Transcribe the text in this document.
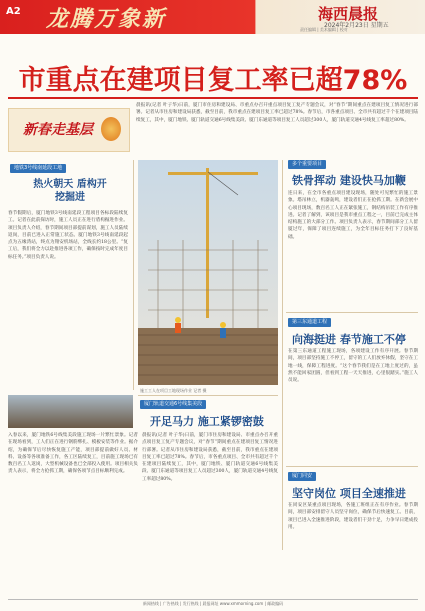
A2 龙腾万象新	海西晨报
2024年2月23日 星期五
责任编辑 | 美术编辑 | 校对
市重点在建项目复工率已超78%
新春走基层
晨报讯(记者 叶子华)日前，厦门市住房和建设局、市重点办召开重点项目复工复产专题会议，对“春节”期间重点在建项目复工情况进行部署。记者从市住房和建设局获悉，截至目前，我市重点在建项目复工率已超过78%。春节后，市各重点项目、全市共有超过千个在建项目陆续复工，其中，厦门地铁、厦门轨道交通6号线集美段、厦门东通道等项目复工人员超过300人，厦门轨道交通4号线复工率超过80%。
地铁3号线南延段工地
热火朝天 盾构开挖掘进
春节假期后，厦门地铁3号线南延段工程项目各标段陆续复工。记者在此前探访时，施工人员正在进行盾构掘进作业。项目负责人介绍，春节期间项目部提前谋划，施工人员陆续返岗，目前已进入正常施工状态。厦门地铁3号线南延段起点为五缘湾站，终点为翔安机场站，全线长约18公里。“复工后，我们将全力以赴推进各项工作，确保按时完成年度目标任务。”项目负责人说。
施工工人在项目工地现场作业 记者 摄
多个重要项目
铁骨挥动 建设快马加鞭
连日来，在全市各重点项目建设现场，随处可见繁忙的施工景象。塔吊林立，机器轰鸣，建设者们正在抢抓工期。在新会展中心项目现场，数百名工人正在紧张施工，钢结构吊装工作有序推进。记者了解到，该项目是我市重点工程之一，目前已完成主体结构施工的大部分工作。项目负责人表示，春节期间部分工人留厦过年，保障了项目连续施工，为全年目标任务打下了良好基础。
第三东通道工程
向海挺进 春节施工不停
在第三东通道工程施工现场，各项建设工作有序开展。春节期间，项目部坚持施工不停工，留守的工人们放弃休假，坚守在工地一线，保障工程进度。“这个春节我们是在工地上度过的，虽然不能回家团圆，但看到工程一天天推进，心里很踏实。”施工人员说。
厦门轨道交通6号线集美段
开足马力 施工紧锣密鼓
入春以来，厦门地铁6号线集美段施工现场一片繁忙景象。记者在现场看到，工人们正在进行钢筋绑扎、模板安装等作业。据介绍，为确保节后尽快恢复施工产能，项目部提前做好人员、材料、设备等各项准备工作，各工区陆续复工，目前施工现场已有数百名工人返岗，大型机械设备也已全部投入使用。项目相关负责人表示，将全力抢抓工期，确保各项节点目标顺利完成。
晨报讯(记者 叶子华)日前，厦门市住房和建设局、市重点办召开重点项目复工复产专题会议，对“春节”期间重点在建项目复工情况进行部署。记者从市住房和建设局获悉，截至目前，我市重点在建项目复工率已超过78%。春节后，市各重点项目、全市共有超过千个在建项目陆续复工，其中，厦门地铁、厦门轨道交通6号线集美段、厦门东通道等项目复工人员超过300人，厦门轨道交通4号线复工率超过80%。
厦门同安
坚守岗位 项目全速推进
在同安区某重点项目现场，各施工班组正在有序作业。春节期间，项目部安排留守人员坚守岗位，确保节后快速复工。目前，项目已进入全速推进阶段，建设者们干劲十足，力争早日建成投用。
新闻热线 | 广告热线 | 发行热线 | 晨报网址 www.xmmorning.com | 邮政编码
